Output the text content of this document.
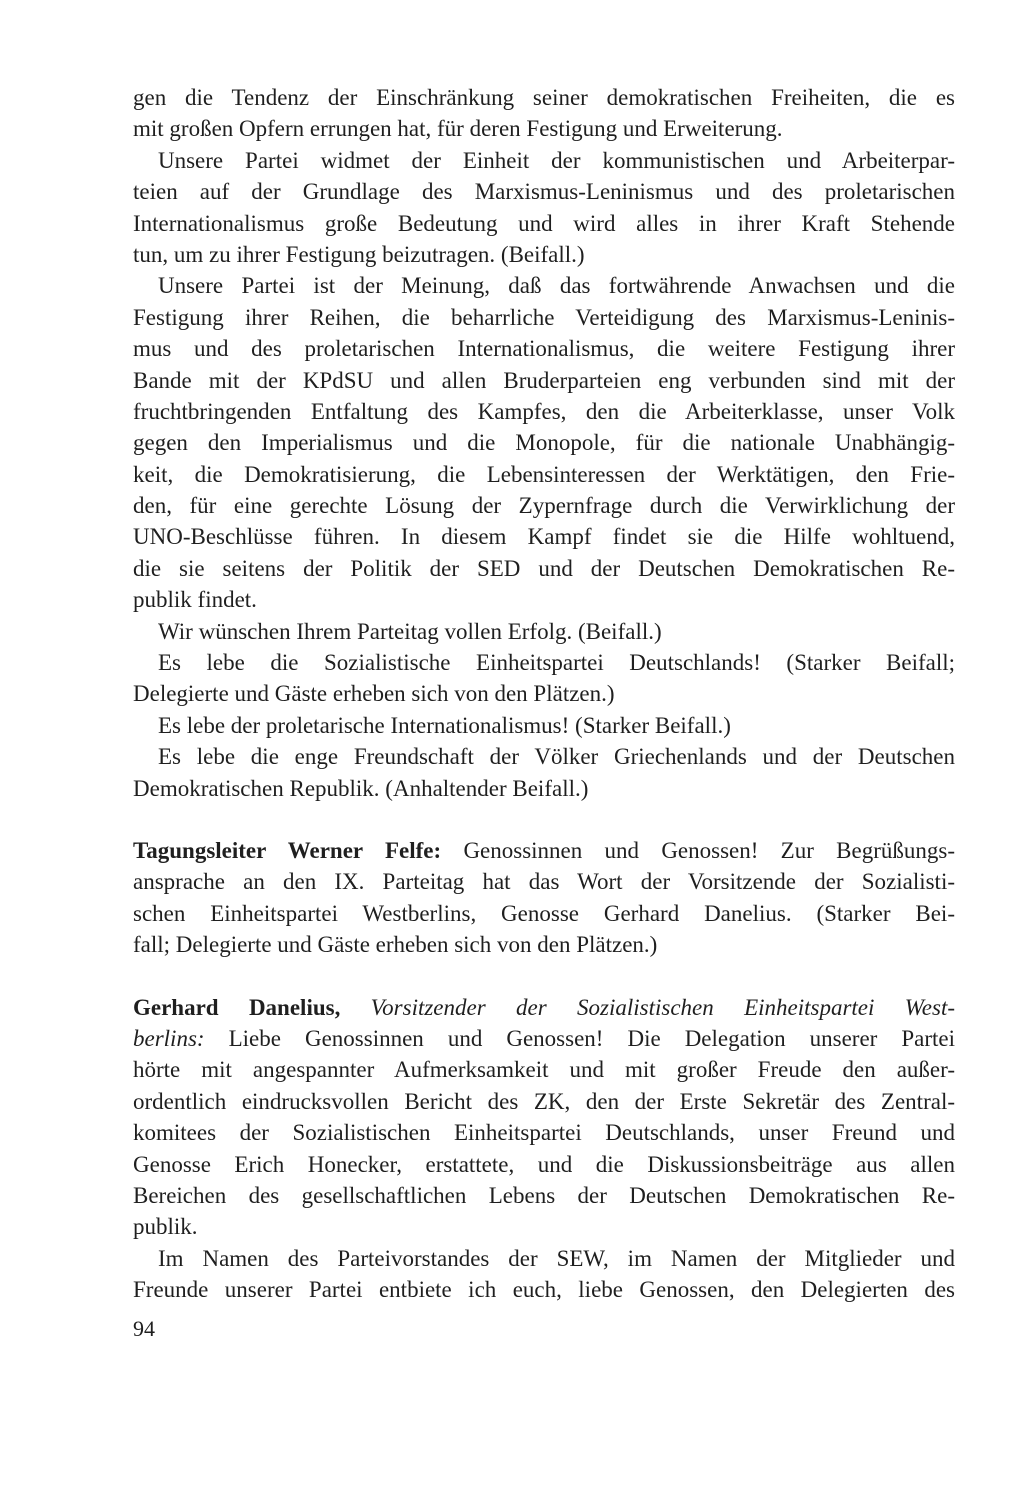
gen die Tendenz der Einschränkung seiner demokratischen Freiheiten, die es
mit großen Opfern errungen hat, für deren Festigung und Erweiterung.
Unsere Partei widmet der Einheit der kommunistischen und Arbeiterpar-
teien auf der Grundlage des Marxismus-Leninismus und des proletarischen
Internationalismus große Bedeutung und wird alles in ihrer Kraft Stehende
tun, um zu ihrer Festigung beizutragen. (Beifall.)
Unsere Partei ist der Meinung, daß das fortwährende Anwachsen und die
Festigung ihrer Reihen, die beharrliche Verteidigung des Marxismus-Leninis-
mus und des proletarischen Internationalismus, die weitere Festigung ihrer
Bande mit der KPdSU und allen Bruderparteien eng verbunden sind mit der
fruchtbringenden Entfaltung des Kampfes, den die Arbeiterklasse, unser Volk
gegen den Imperialismus und die Monopole, für die nationale Unabhängig-
keit, die Demokratisierung, die Lebensinteressen der Werktätigen, den Frie-
den, für eine gerechte Lösung der Zypernfrage durch die Verwirklichung der
UNO-Beschlüsse führen. In diesem Kampf findet sie die Hilfe wohltuend,
die sie seitens der Politik der SED und der Deutschen Demokratischen Re-
publik findet.
Wir wünschen Ihrem Parteitag vollen Erfolg. (Beifall.)
Es lebe die Sozialistische Einheitspartei Deutschlands! (Starker Beifall;
Delegierte und Gäste erheben sich von den Plätzen.)
Es lebe der proletarische Internationalismus! (Starker Beifall.)
Es lebe die enge Freundschaft der Völker Griechenlands und der Deutschen
Demokratischen Republik. (Anhaltender Beifall.)
Tagungsleiter Werner Felfe: Genossinnen und Genossen! Zur Begrüßungs-
ansprache an den IX. Parteitag hat das Wort der Vorsitzende der Sozialisti-
schen Einheitspartei Westberlins, Genosse Gerhard Danelius. (Starker Bei-
fall; Delegierte und Gäste erheben sich von den Plätzen.)
Gerhard Danelius, Vorsitzender der Sozialistischen Einheitspartei West-
berlins: Liebe Genossinnen und Genossen! Die Delegation unserer Partei
hörte mit angespannter Aufmerksamkeit und mit großer Freude den außer-
ordentlich eindrucksvollen Bericht des ZK, den der Erste Sekretär des Zentral-
komitees der Sozialistischen Einheitspartei Deutschlands, unser Freund und
Genosse Erich Honecker, erstattete, und die Diskussionsbeiträge aus allen
Bereichen des gesellschaftlichen Lebens der Deutschen Demokratischen Re-
publik.
Im Namen des Parteivorstandes der SEW, im Namen der Mitglieder und
Freunde unserer Partei entbiete ich euch, liebe Genossen, den Delegierten des
94
